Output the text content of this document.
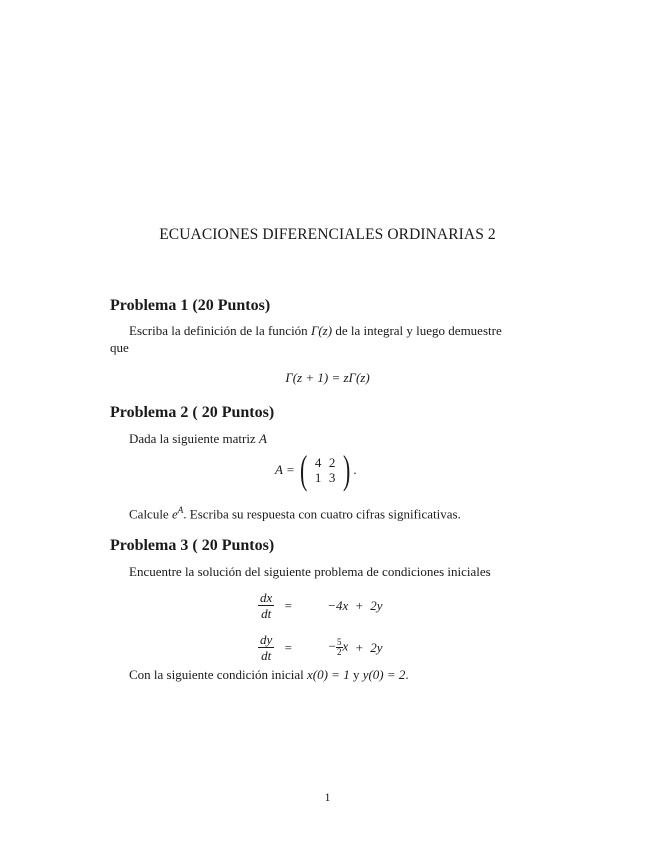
ECUACIONES DIFERENCIALES ORDINARIAS 2
Problema 1 (20 Puntos)
Escriba la definición de la función Γ(z) de la integral y luego demuestre
que
Γ(z + 1) = zΓ(z)
Problema 2 ( 20 Puntos)
Dada la siguiente matriz A
A = ( 4 2
1 3 ) .
Calcule $e^A$. Escriba su respuesta con cuatro cifras significativas.
Problema 3 ( 20 Puntos)
Encuentre la solución del siguiente problema de condiciones iniciales
$\frac{dx}{dt}$ =	−4x + 2y
$\frac{dy}{dt}$ =	− $\frac{5}{2}$ x + 2y
Con la siguiente condición inicial x(0) = 1 y y(0) = 2.
1
